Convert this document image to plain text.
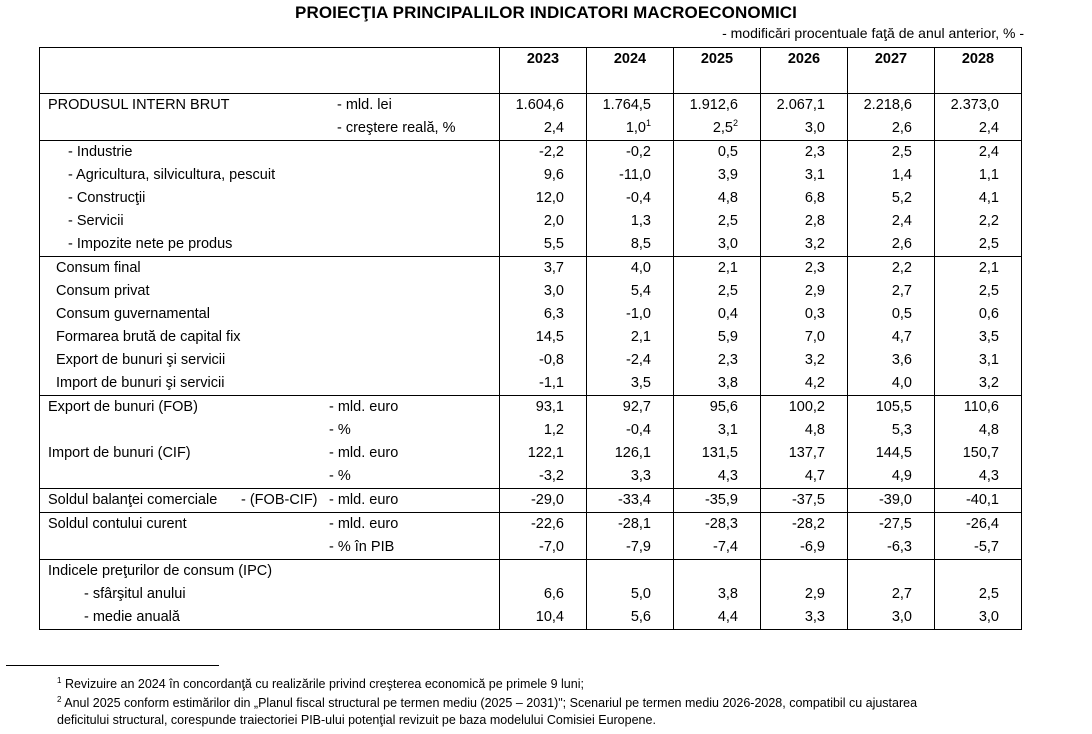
PROIECŢIA PRINCIPALILOR INDICATORI MACROECONOMICI
- modificări procentuale faţă de anul anterior, % -
	2023	2024	2025	2026	2027	2028

PRODUSUL INTERN BRUT - mld. lei	1.604,6	1.764,5	1.912,6	2.067,1	2.218,6	2.373,0

- creştere reală, %	2,4	$1,0^1$	$2,5^2$	3,0	2,6	2,4

- Industrie	-2,2	-0,2	0,5	2,3	2,5	2,4

- Agricultura, silvicultura, pescuit	9,6	-11,0	3,9	3,1	1,4	1,1

- Construcţii	12,0	-0,4	4,8	6,8	5,2	4,1

- Servicii	2,0	1,3	2,5	2,8	2,4	2,2

- Impozite nete pe produs	5,5	8,5	3,0	3,2	2,6	2,5

Consum final	3,7	4,0	2,1	2,3	2,2	2,1

Consum privat	3,0	5,4	2,5	2,9	2,7	2,5

Consum guvernamental	6,3	-1,0	0,4	0,3	0,5	0,6

Formarea brută de capital fix	14,5	2,1	5,9	7,0	4,7	3,5

Export de bunuri şi servicii	-0,8	-2,4	2,3	3,2	3,6	3,1

Import de bunuri şi servicii	-1,1	3,5	3,8	4,2	4,0	3,2

Export de bunuri (FOB) - mld. euro	93,1	92,7	95,6	100,2	105,5	110,6

- %	1,2	-0,4	3,1	4,8	5,3	4,8

Import de bunuri (CIF) - mld. euro	122,1	126,1	131,5	137,7	144,5	150,7

- %	-3,2	3,3	4,3	4,7	4,9	4,3

Soldul balanţei comerciale - (FOB-CIF) - mld. euro	-29,0	-33,4	-35,9	-37,5	-39,0	-40,1

Soldul contului curent - mld. euro	-22,6	-28,1	-28,3	-28,2	-27,5	-26,4

- % în PIB	-7,0	-7,9	-7,4	-6,9	-6,3	-5,7

Indicele preţurilor de consum (IPC)						

- sfârşitul anului	6,6	5,0	3,8	2,9	2,7	2,5

- medie anuală	10,4	5,6	4,4	3,3	3,0	3,0
$^1$ Revizuire an 2024 în concordanţă cu realizările privind creşterea economică pe primele 9 luni;
$^2$ Anul 2025 conform estimărilor din „Planul fiscal structural pe termen mediu (2025 – 2031)"; Scenariul pe termen mediu 2026-2028, compatibil cu ajustarea
deficitului structural, corespunde traiectoriei PIB-ului potenţial revizuit pe baza modelului Comisiei Europene.
